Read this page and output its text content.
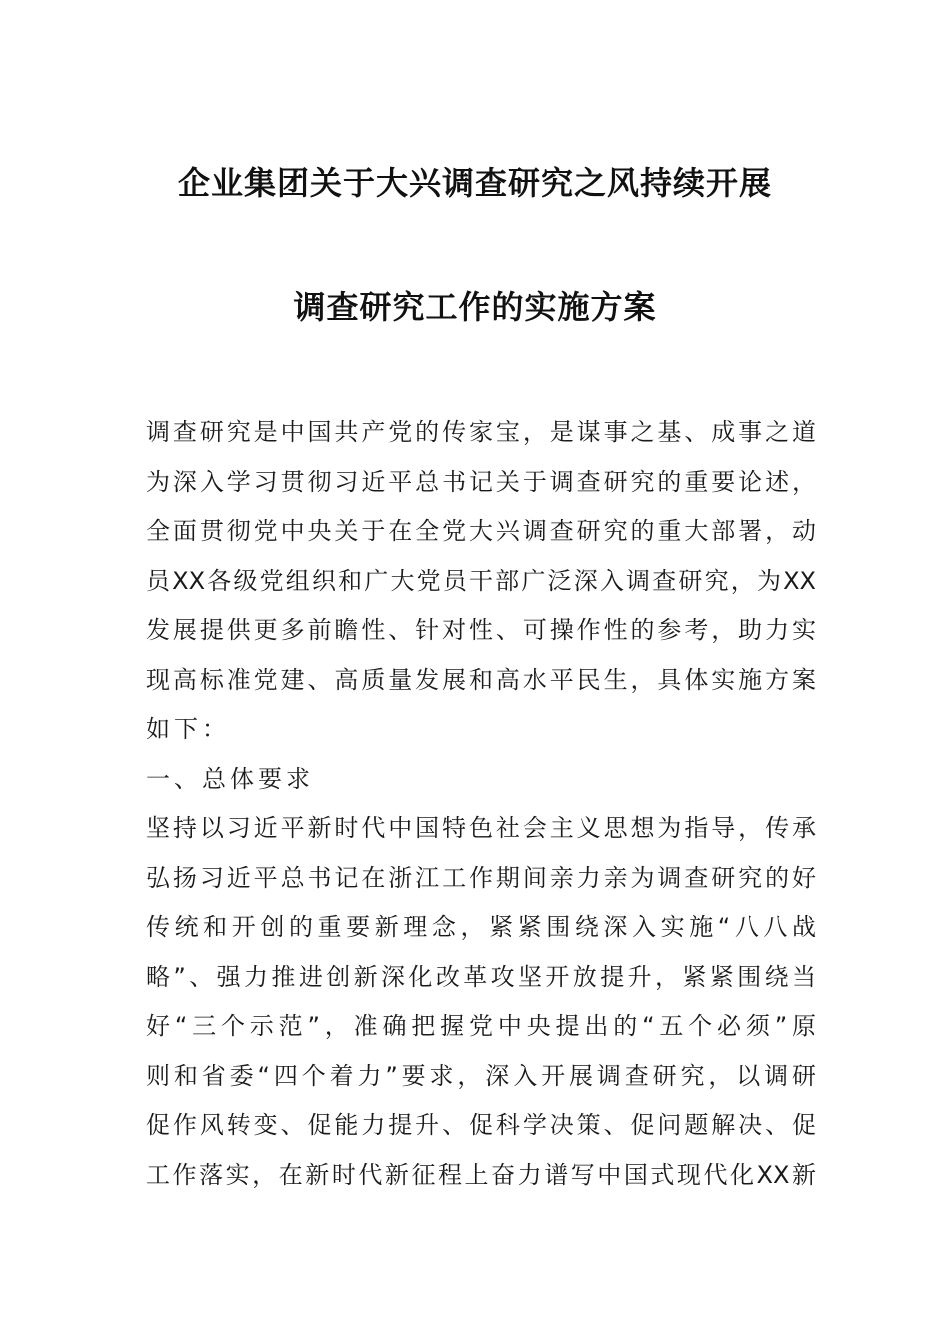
企业集团关于大兴调查研究之风持续开展
调查研究工作的实施方案
调查研究是中国共产党的传家宝，是谋事之基、成事之道
为深入学习贯彻习近平总书记关于调查研究的重要论述，
全面贯彻党中央关于在全党大兴调查研究的重大部署，动
员XX各级党组织和广大党员干部广泛深入调查研究，为XX
发展提供更多前瞻性、针对性、可操作性的参考，助力实
现高标准党建、高质量发展和高水平民生，具体实施方案
如下：
一、总体要求
坚持以习近平新时代中国特色社会主义思想为指导，传承
弘扬习近平总书记在浙江工作期间亲力亲为调查研究的好
传统和开创的重要新理念，紧紧围绕深入实施“八八战
略”、强力推进创新深化改革攻坚开放提升，紧紧围绕当
好“三个示范”，准确把握党中央提出的“五个必须”原
则和省委“四个着力”要求，深入开展调查研究，以调研
促作风转变、促能力提升、促科学决策、促问题解决、促
工作落实，在新时代新征程上奋力谱写中国式现代化XX新
